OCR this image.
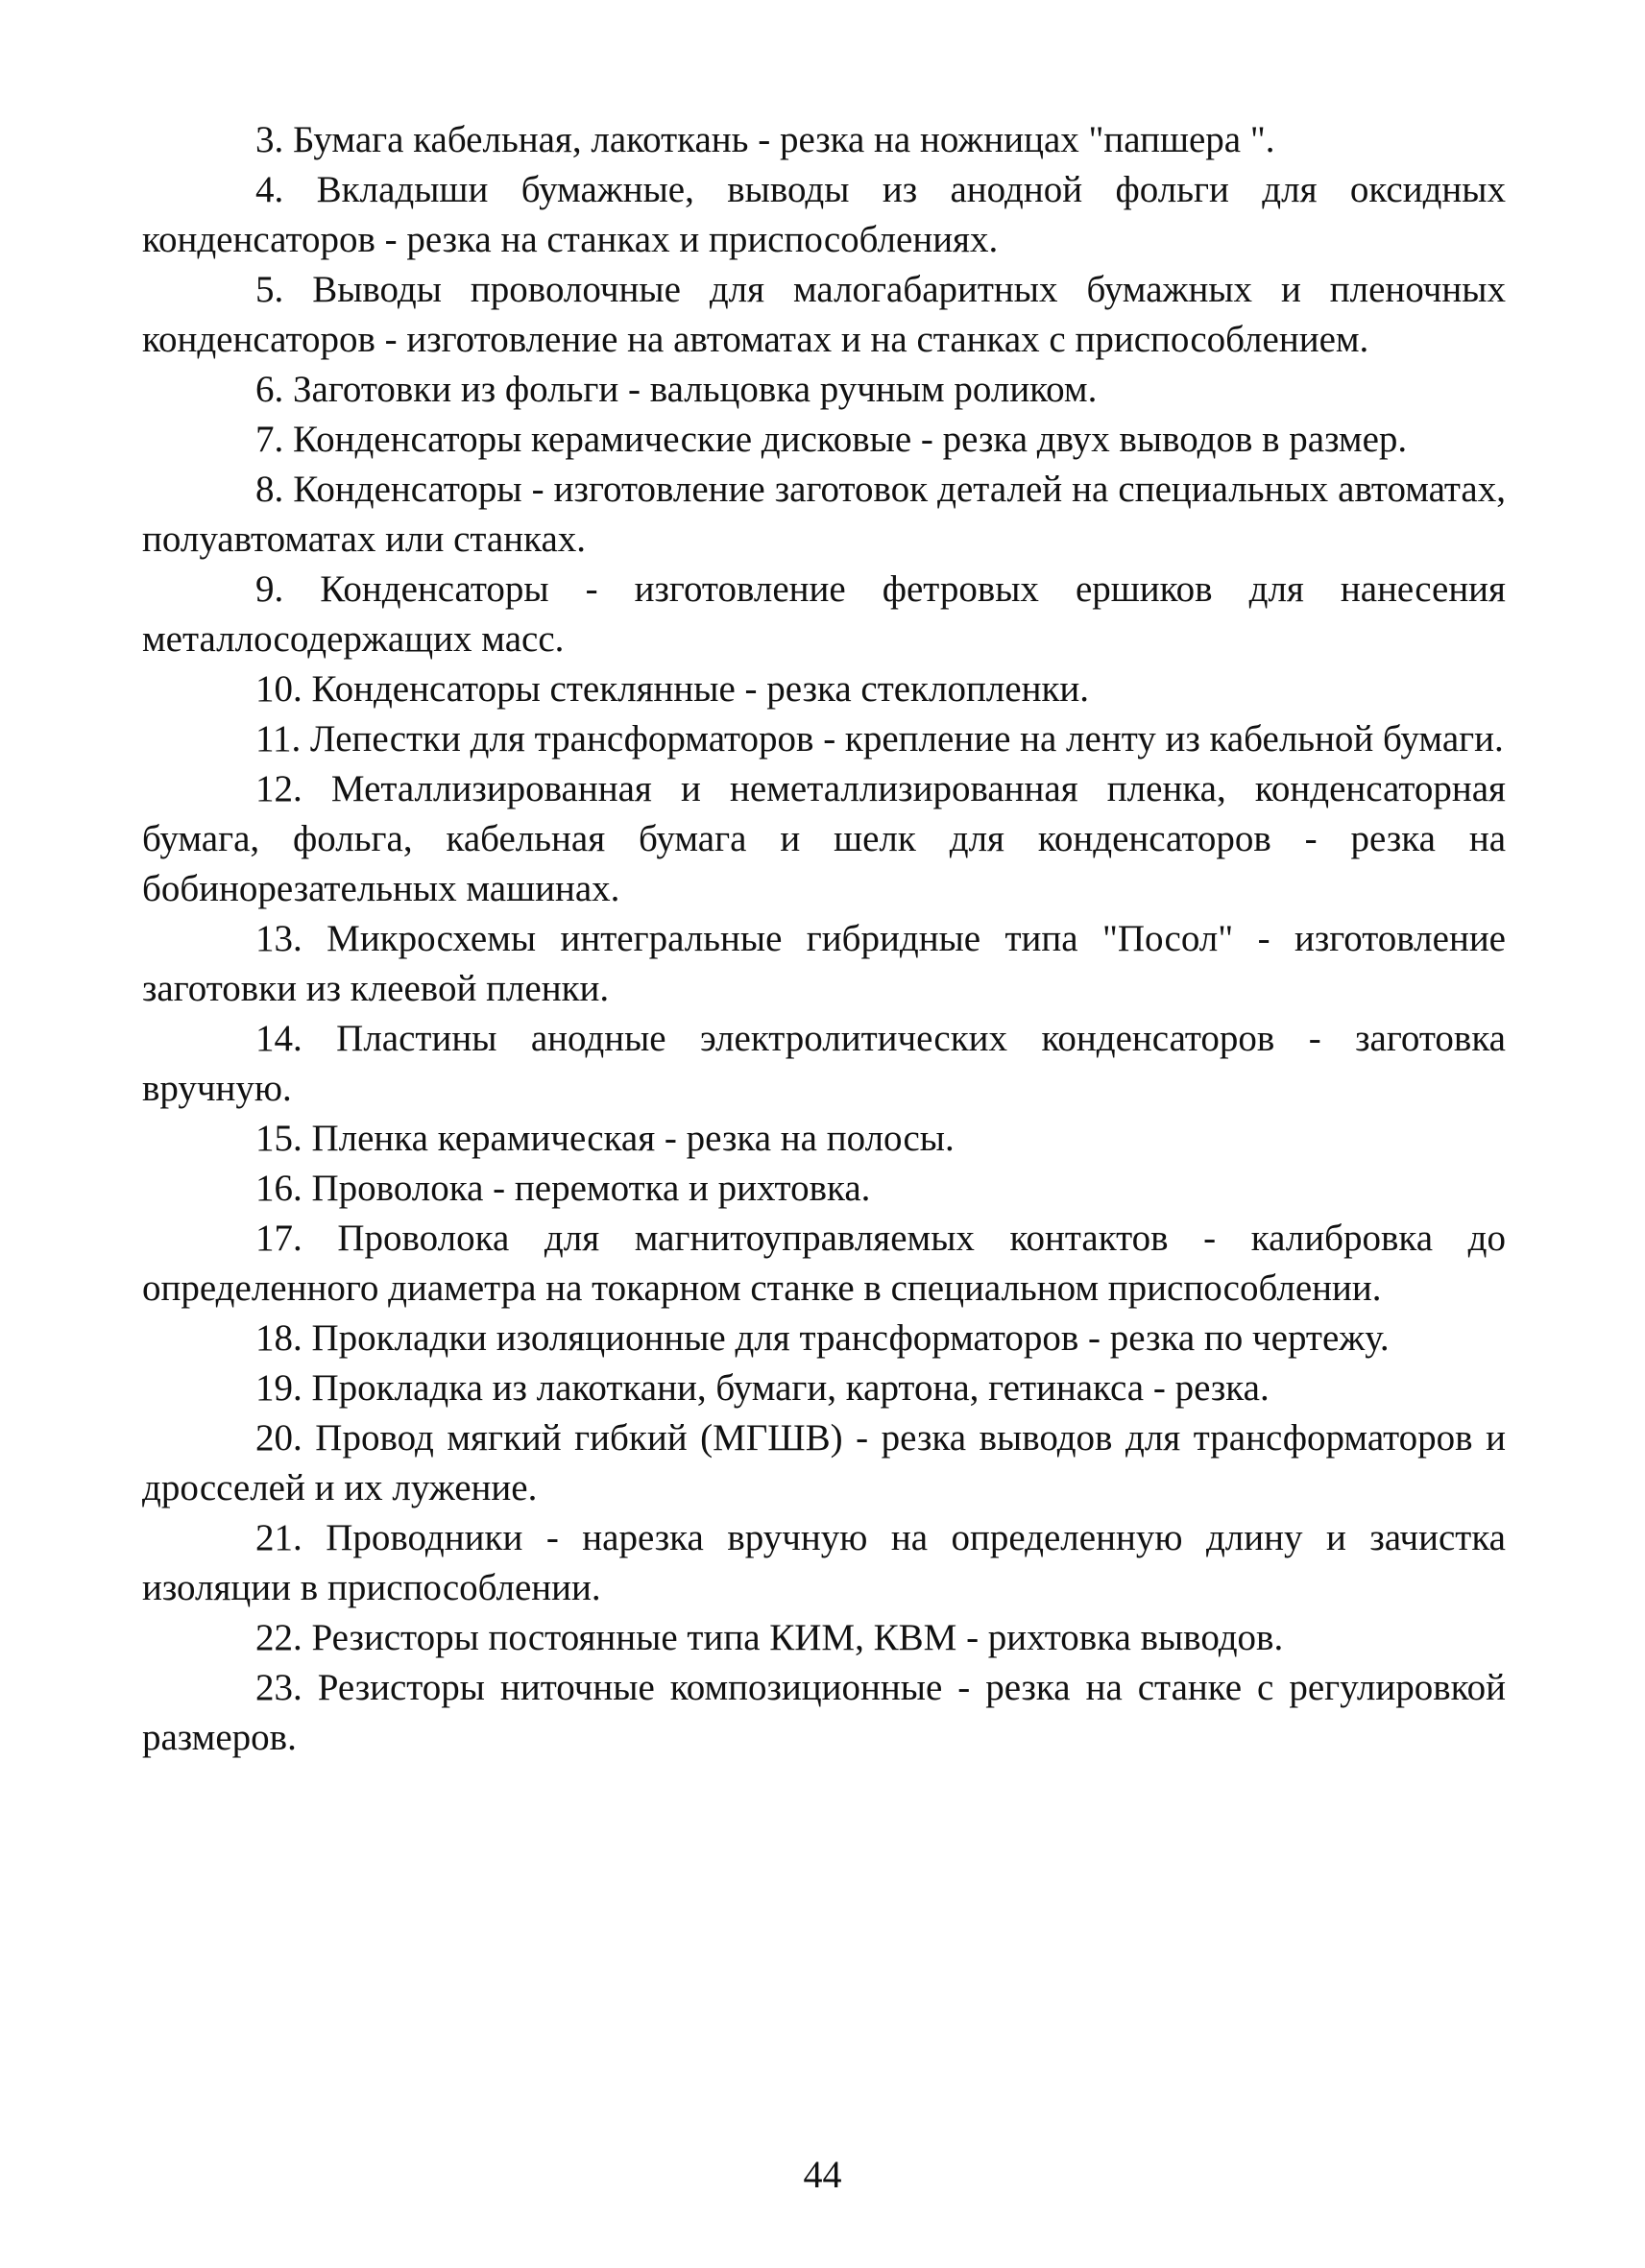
3. Бумага кабельная, лакоткань - резка на ножницах "папшера ".

4. Вкладыши бумажные, выводы из анодной фольги для оксидных конденсаторов - резка на станках и приспособлениях.

5. Выводы проволочные для малогабаритных бумажных и пленочных конденсаторов - изготовление на автоматах и на станках с приспособлением.

6. Заготовки из фольги - вальцовка ручным роликом.

7. Конденсаторы керамические дисковые - резка двух выводов в размер.

8. Конденсаторы - изготовление заготовок деталей на специальных автоматах, полуавтоматах или станках.

9. Конденсаторы - изготовление фетровых ершиков для нанесения металлосодержащих масс.

10. Конденсаторы стеклянные - резка стеклопленки.

11. Лепестки для трансформаторов - крепление на ленту из кабельной бумаги.

12. Металлизированная и неметаллизированная пленка, конденсаторная бумага, фольга, кабельная бумага и шелк для конденсаторов - резка на бобинорезательных машинах.

13. Микросхемы интегральные гибридные типа "Посол" - изготовление заготовки из клеевой пленки.

14. Пластины анодные электролитических конденсаторов - заготовка вручную.

15. Пленка керамическая - резка на полосы.

16. Проволока - перемотка и рихтовка.

17. Проволока для магнитоуправляемых контактов - калибровка до определенного диаметра на токарном станке в специальном приспособлении.

18. Прокладки изоляционные для трансформаторов - резка по чертежу.

19. Прокладка из лакоткани, бумаги, картона, гетинакса - резка.

20. Провод мягкий гибкий (МГШВ) - резка выводов для трансформаторов и дросселей и их лужение.

21. Проводники - нарезка вручную на определенную длину и зачистка изоляции в приспособлении.

22. Резисторы постоянные типа КИМ, КВМ - рихтовка выводов.

23. Резисторы ниточные композиционные - резка на станке с регулировкой размеров.

44
